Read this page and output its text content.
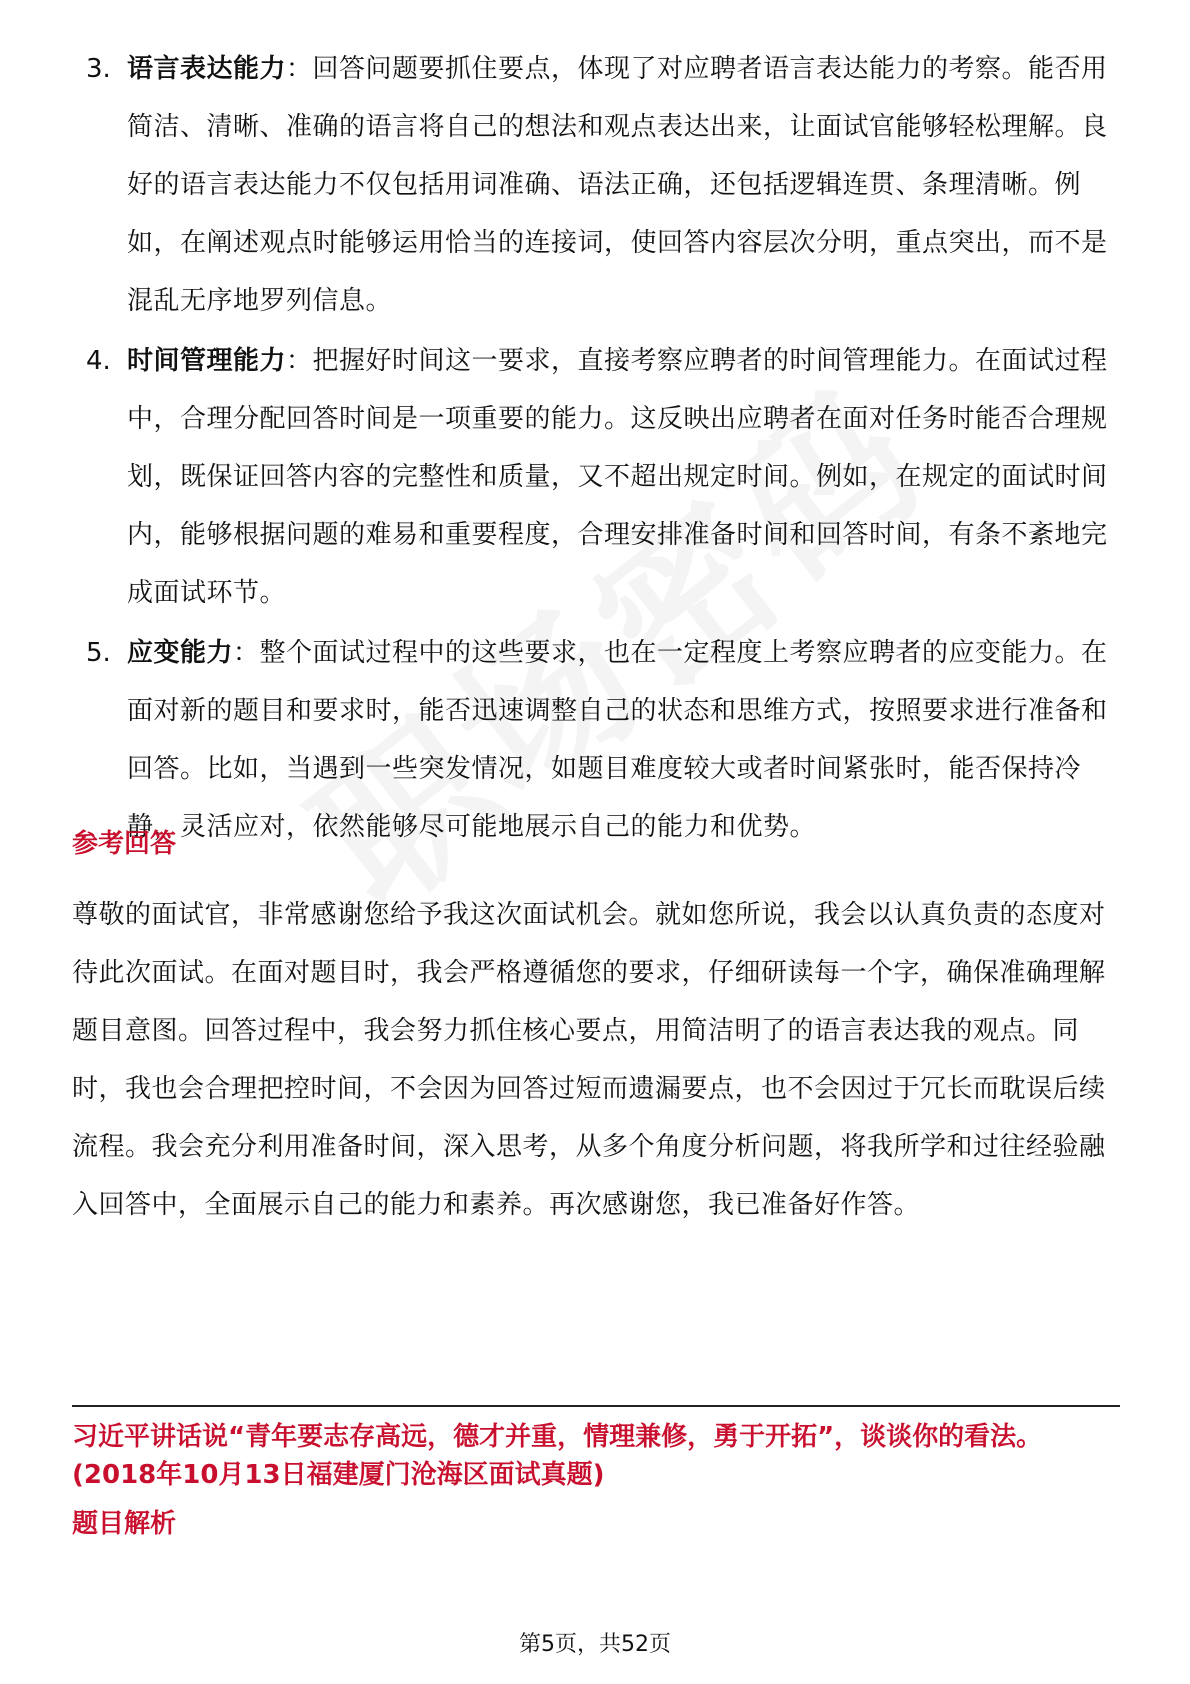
3. 语言表达能力：回答问题要抓住要点，体现了对应聘者语言表达能力的考察。能否用简洁、清晰、准确的语言将自己的想法和观点表达出来，让面试官能够轻松理解。良好的语言表达能力不仅包括用词准确、语法正确，还包括逻辑连贯、条理清晰。例如，在阐述观点时能够运用恰当的连接词，使回答内容层次分明，重点突出，而不是混乱无序地罗列信息。
4. 时间管理能力：把握好时间这一要求，直接考察应聘者的时间管理能力。在面试过程中，合理分配回答时间是一项重要的能力。这反映出应聘者在面对任务时能否合理规划，既保证回答内容的完整性和质量，又不超出规定时间。例如，在规定的面试时间内，能够根据问题的难易和重要程度，合理安排准备时间和回答时间，有条不紊地完成面试环节。
5. 应变能力：整个面试过程中的这些要求，也在一定程度上考察应聘者的应变能力。在面对新的题目和要求时，能否迅速调整自己的状态和思维方式，按照要求进行准备和回答。比如，当遇到一些突发情况，如题目难度较大或者时间紧张时，能否保持冷静，灵活应对，依然能够尽可能地展示自己的能力和优势。
参考回答
尊敬的面试官，非常感谢您给予我这次面试机会。就如您所说，我会以认真负责的态度对待此次面试。在面对题目时，我会严格遵循您的要求，仔细研读每一个字，确保准确理解题目意图。回答过程中，我会努力抓住核心要点，用简洁明了的语言表达我的观点。同时，我也会合理把控时间，不会因为回答过短而遗漏要点，也不会因过于冗长而耽误后续流程。我会充分利用准备时间，深入思考，从多个角度分析问题，将我所学和过往经验融入回答中，全面展示自己的能力和素养。再次感谢您，我已准备好作答。
习近平讲话说“青年要志存高远，德才并重，情理兼修，勇于开拓”，谈谈你的看法。(2018年10月13日福建厦门沧海区面试真题)
题目解析
第5页，共52页
